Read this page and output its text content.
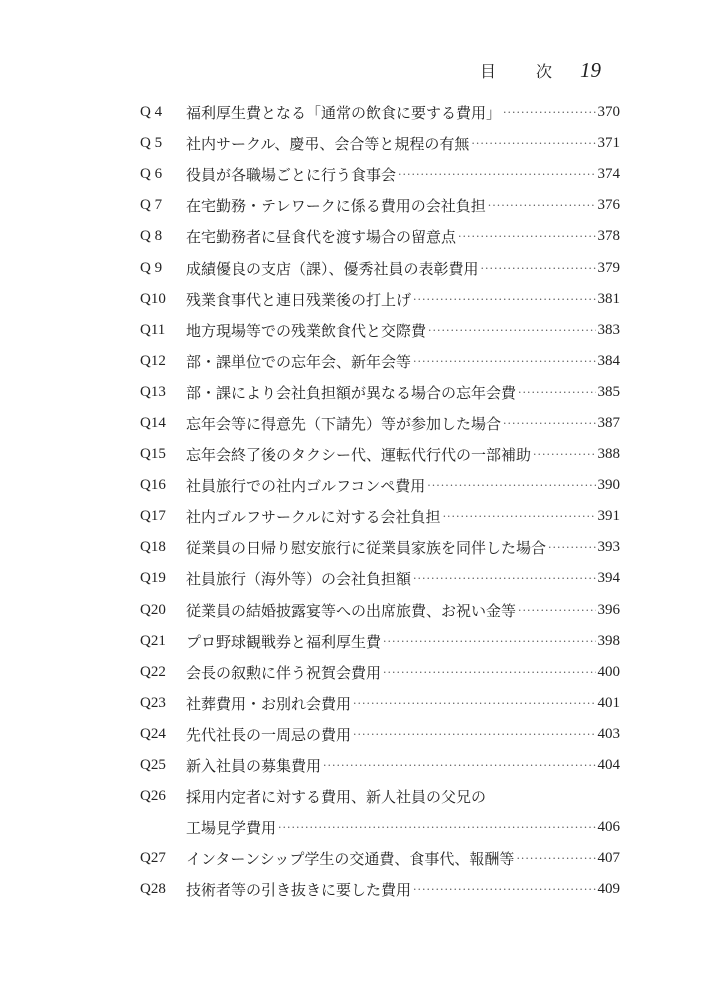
目	次 19
Q 4	福利厚生費となる「通常の飲食に要する費用」 ·····	370
Q 5	社内サークル、慶弔、会合等と規程の有無 ·····	371
Q 6	役員が各職場ごとに行う食事会 ·····	374
Q 7	在宅勤務・テレワークに係る費用の会社負担 ·····	376
Q 8	在宅勤務者に昼食代を渡す場合の留意点 ·····	378
Q 9	成績優良の支店（課）、優秀社員の表彰費用 ·····	379
Q10	残業食事代と連日残業後の打上げ ·····	381
Q11	地方現場等での残業飲食代と交際費 ·····	383
Q12	部・課単位での忘年会、新年会等 ·····	384
Q13	部・課により会社負担額が異なる場合の忘年会費 ·····	385
Q14	忘年会等に得意先（下請先）等が参加した場合 ·····	387
Q15	忘年会終了後のタクシー代、運転代行代の一部補助 ·····	388
Q16	社員旅行での社内ゴルフコンペ費用 ·····	390
Q17	社内ゴルフサークルに対する会社負担 ·····	391
Q18	従業員の日帰り慰安旅行に従業員家族を同伴した場合 ·····	393
Q19	社員旅行（海外等）の会社負担額 ·····	394
Q20	従業員の結婚披露宴等への出席旅費、お祝い金等 ·····	396
Q21	プロ野球観戦券と福利厚生費 ·····	398
Q22	会長の叙勲に伴う祝賀会費用 ·····	400
Q23	社葬費用・お別れ会費用 ·····	401
Q24	先代社長の一周忌の費用 ·····	403
Q25	新入社員の募集費用 ·····	404
Q26	採用内定者に対する費用、新人社員の父兄の
工場見学費用 ·····	406
Q27	インターンシップ学生の交通費、食事代、報酬等 ·····	407
Q28	技術者等の引き抜きに要した費用 ·····	409
